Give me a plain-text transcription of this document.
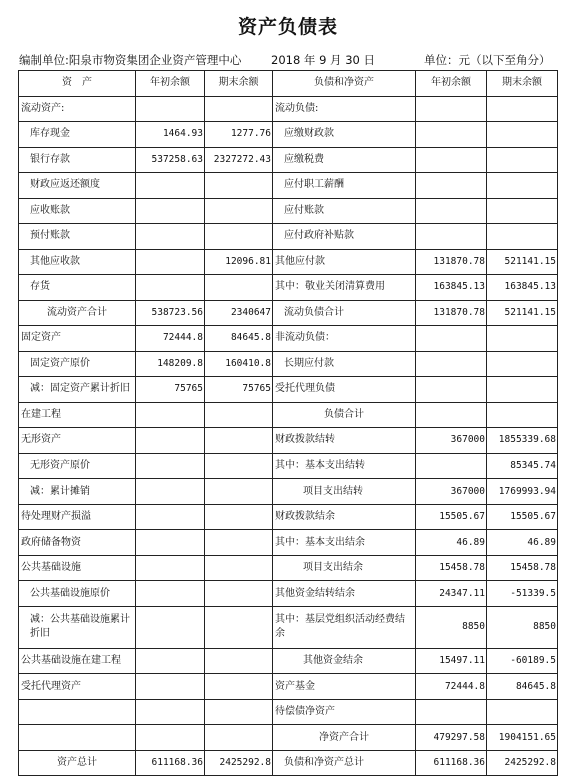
资产负债表
编制单位:阳泉市物资集团企业资产管理中心	2018 年 9 月 30 日	单位：元（以下至角分）
资　产	年初余额	期末余额	负债和净资产	年初余额	期末余额
流动资产:			流动负债:		
库存现金	1464.93	1277.76	应缴财政款		
银行存款	537258.63	2327272.43	应缴税费		
财政应返还额度			应付职工薪酬		
应收账款			应付账款		
预付账款			应付政府补贴款		
其他应收款		12096.81	其他应付款	131870.78	521141.15
存货			其中：敬业关闭清算费用	163845.13	163845.13
流动资产合计	538723.56	2340647	流动负债合计	131870.78	521141.15
固定资产	72444.8	84645.8	非流动负债：		
固定资产原价	148209.8	160410.8	长期应付款		
减：固定资产累计折旧	75765	75765	受托代理负债		
在建工程			负债合计		
无形资产			财政拨款结转	367000	1855339.68
无形资产原价			其中：基本支出结转		85345.74
减：累计摊销			项目支出结转	367000	1769993.94
待处理财产损溢			财政拨款结余	15505.67	15505.67
政府储备物资			其中：基本支出结余	46.89	46.89
公共基础设施			项目支出结余	15458.78	15458.78
公共基础设施原价			其他资金结转结余	24347.11	-51339.5
减：公共基础设施累计折旧			其中：基层党组织活动经费结余	8850	8850
公共基础设施在建工程			其他资金结余	15497.11	-60189.5
受托代理资产			资产基金	72444.8	84645.8
			待偿债净资产		
			净资产合计	479297.58	1904151.65
资产总计	611168.36	2425292.8	负债和净资产总计	611168.36	2425292.8
